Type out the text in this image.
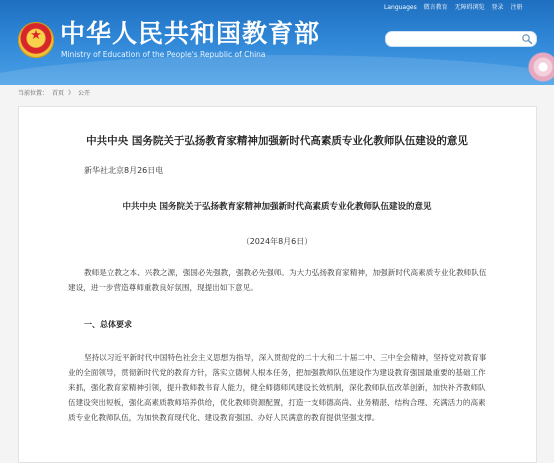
★ 中华人民共和国教育部
Ministry of Education of the People's Republic of China
Languages 微言教育 无障碍浏览 登录 注册
当前位置： 首页 》 公开
中共中央 国务院关于弘扬教育家精神加强新时代高素质专业化教师队伍建设的意见
新华社北京8月26日电
中共中央 国务院关于弘扬教育家精神加强新时代高素质专业化教师队伍建设的意见
（2024年8月6日）

教师是立教之本、兴教之源，强国必先强教，强教必先强师。为大力弘扬教育家精神，加强新时代高素质专业化教师队伍建设，进一步营造尊师重教良好氛围，现提出如下意见。

一、总体要求

坚持以习近平新时代中国特色社会主义思想为指导，深入贯彻党的二十大和二十届二中、三中全会精神，坚持党对教育事业的全面领导，贯彻新时代党的教育方针，落实立德树人根本任务，把加强教师队伍建设作为建设教育强国最重要的基础工作来抓，强化教育家精神引领，提升教师教书育人能力，健全师德师风建设长效机制，深化教师队伍改革创新，加快补齐教师队伍建设突出短板，强化高素质教师培养供给，优化教师资源配置，打造一支师德高尚、业务精湛、结构合理、充满活力的高素质专业化教师队伍，为加快教育现代化、建设教育强国、办好人民满意的教育提供坚强支撑。
